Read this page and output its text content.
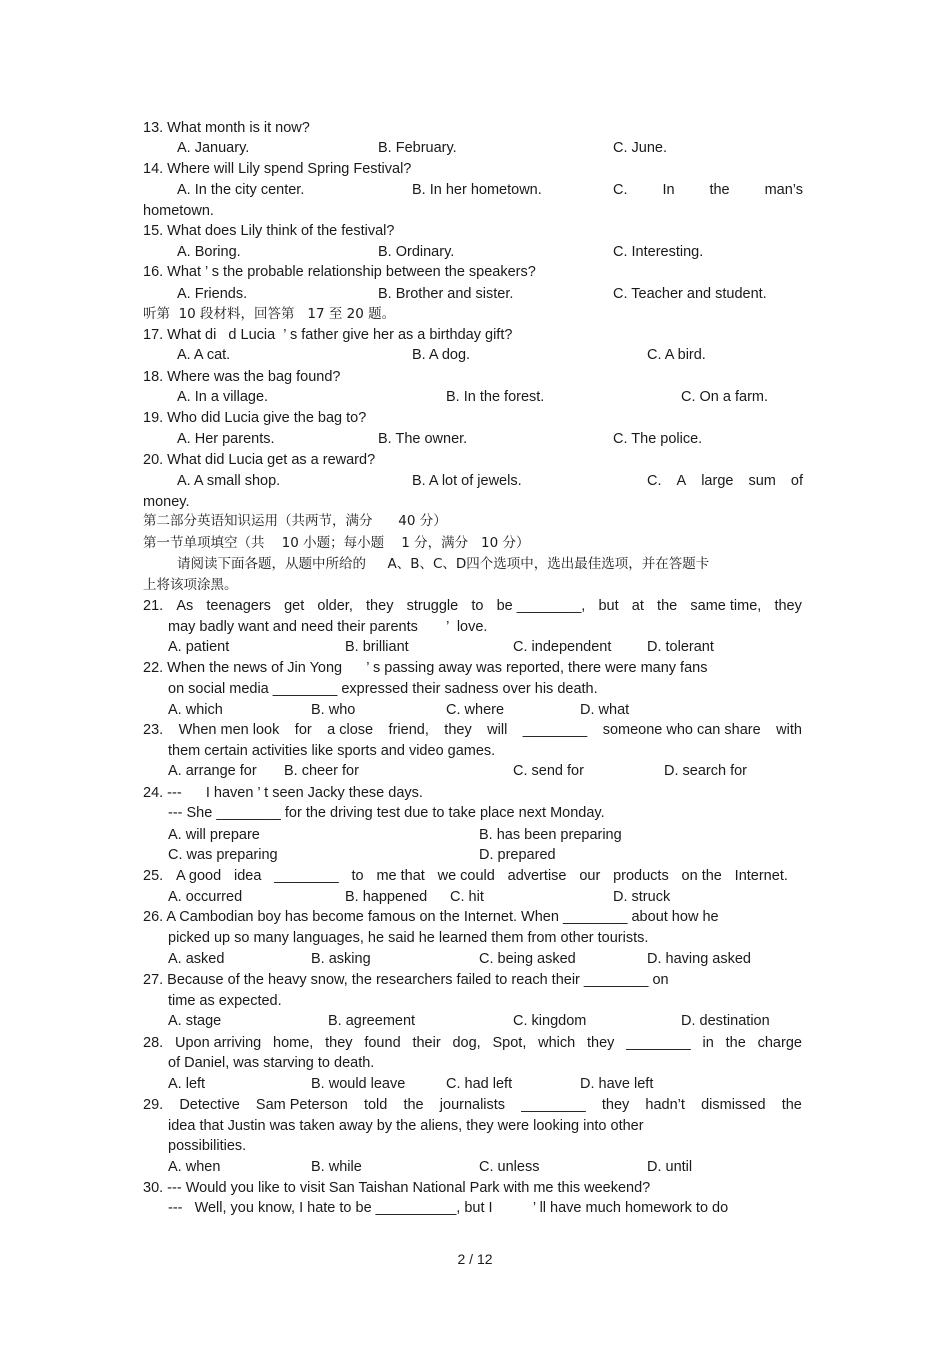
13. What month is it now?
A. January.	B. February.	C. June.
14. Where will Lily spend Spring Festival?
A. In the city center.	B. In her hometown.	C. In the man’s
hometown.
15. What does Lily think of the festival?
A. Boring.	B. Ordinary.	C. Interesting.
16. What ’ s the probable relationship between the speakers?
A. Friends.	B. Brother and sister.	C. Teacher and student.
听第  10 段材料，回答第   17 至 20 题。
17. What di   d Lucia  ’ s father give her as a birthday gift?
A. A cat.	B. A dog.	C. A bird.
18. Where was the bag found?
A. In a village.	B. In the forest.	C. On a farm.
19. Who did Lucia give the bag to?
A. Her parents.	B. The owner.	C. The police.
20. What did Lucia get as a reward?
A. A small shop.	B. A lot of jewels.	C. A large sum of
money.
第二部分英语知识运用（共两节，满分      40 分）
第一节单项填空（共    10 小题；每小题    1 分，满分   10 分）
请阅读下面各题，从题中所给的     A、B、C、D四个选项中，选出最佳选项，并在答题卡
上将该项涂黑。
21. As teenagers get older, they struggle to be ________, but at the same time, they
may badly want and need their parents       ’  love.
A. patient	B. brilliant	C. independent D. tolerant
22. When the news of Jin Yong      ’ s passing away was reported, there were many fans
on social media ________ expressed their sadness over his death.
A. which	B. who	C. where	D. what
23. When men look for a close friend, they will ________ someone who can share with
them certain activities like sports and video games.
A. arrange for B. cheer for	C. send for	D. search for
24. ---      I haven ’ t seen Jacky these days.
--- She ________ for the driving test due to take place next Monday.
A. will prepare	B. has been preparing
C. was preparing	D. prepared
25. A good idea ________ to me that we could advertise our products on the Internet.
A. occurred	B. happened C. hit	D. struck
26. A Cambodian boy has become famous on the Internet. When ________ about how he
picked up so many languages, he said he learned them from other tourists.
A. asked	B. asking	C. being asked	D. having asked
27. Because of the heavy snow, the researchers failed to reach their ________ on
time as expected.
A. stage	B. agreement	C. kingdom	D. destination
28. Upon arriving home, they found their dog, Spot, which they ________ in the charge
of Daniel, was starving to death.
A. left	B. would leave	C. had left	D. have left
29. Detective Sam Peterson told the journalists ________ they hadn’t dismissed the
idea that Justin was taken away by the aliens, they were looking into other
possibilities.
A. when	B. while	C. unless	D. until
30. --- Would you like to visit San Taishan National Park with me this weekend?
---   Well, you know, I hate to be __________, but I          ’ ll have much homework to do
2 / 12
